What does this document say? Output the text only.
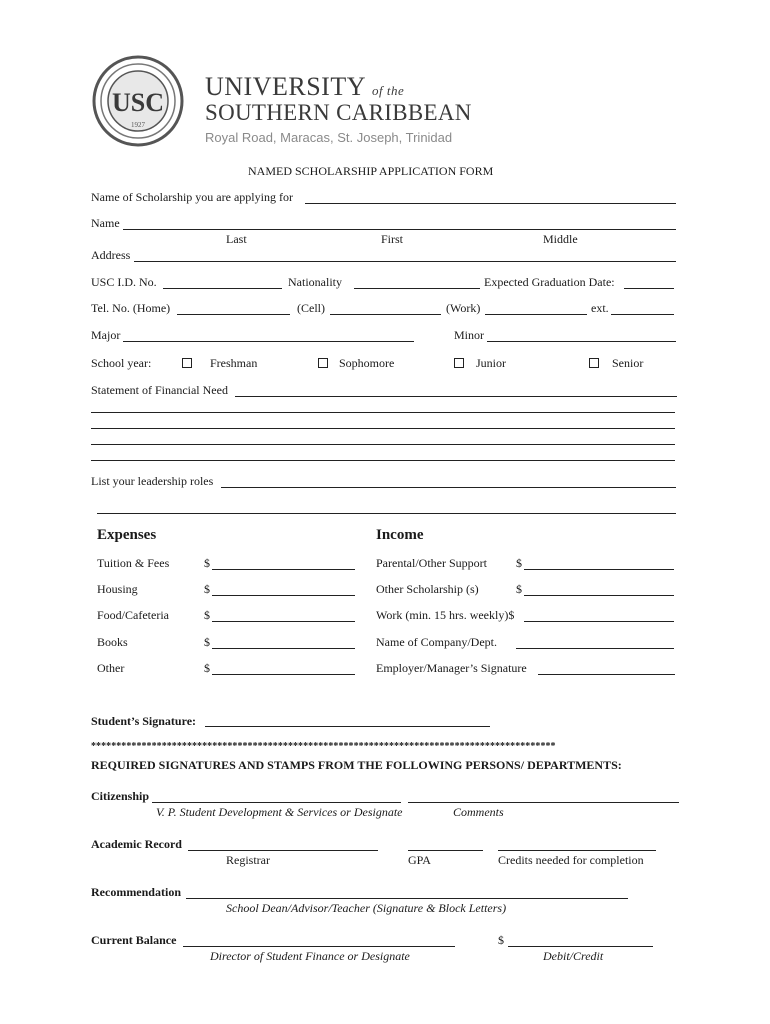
USC
1927
UNIVERSITY of the
SOUTHERN CARIBBEAN
Royal Road, Maracas, St. Joseph, Trinidad
NAMED SCHOLARSHIP APPLICATION FORM
Name of Scholarship you are applying for
Name
Last	First	Middle
Address
USC I.D. No.	Nationality	Expected Graduation Date:
Tel. No. (Home)	(Cell)	(Work)	ext.
Major	Minor
School year:	Freshman	Sophomore	Junior	Senior
Statement of Financial Need
List your leadership roles
Expenses	Income
Tuition & Fees	$
Housing	$
Food/Cafeteria	$
Books	$
Other	$
Parental/Other Support $
Other Scholarship (s)	$
Work (min. 15 hrs. weekly)$
Name of Company/Dept.
Employer/Manager’s Signature
Student’s Signature:
********************************************************************************************
REQUIRED SIGNATURES AND STAMPS FROM THE FOLLOWING PERSONS/ DEPARTMENTS:
Citizenship
V. P. Student Development & Services or Designate	Comments
Academic Record
Registrar	GPA	Credits needed for completion
Recommendation
School Dean/Advisor/Teacher (Signature & Block Letters)
Current Balance	$
Director of Student Finance or Designate	Debit/Credit
